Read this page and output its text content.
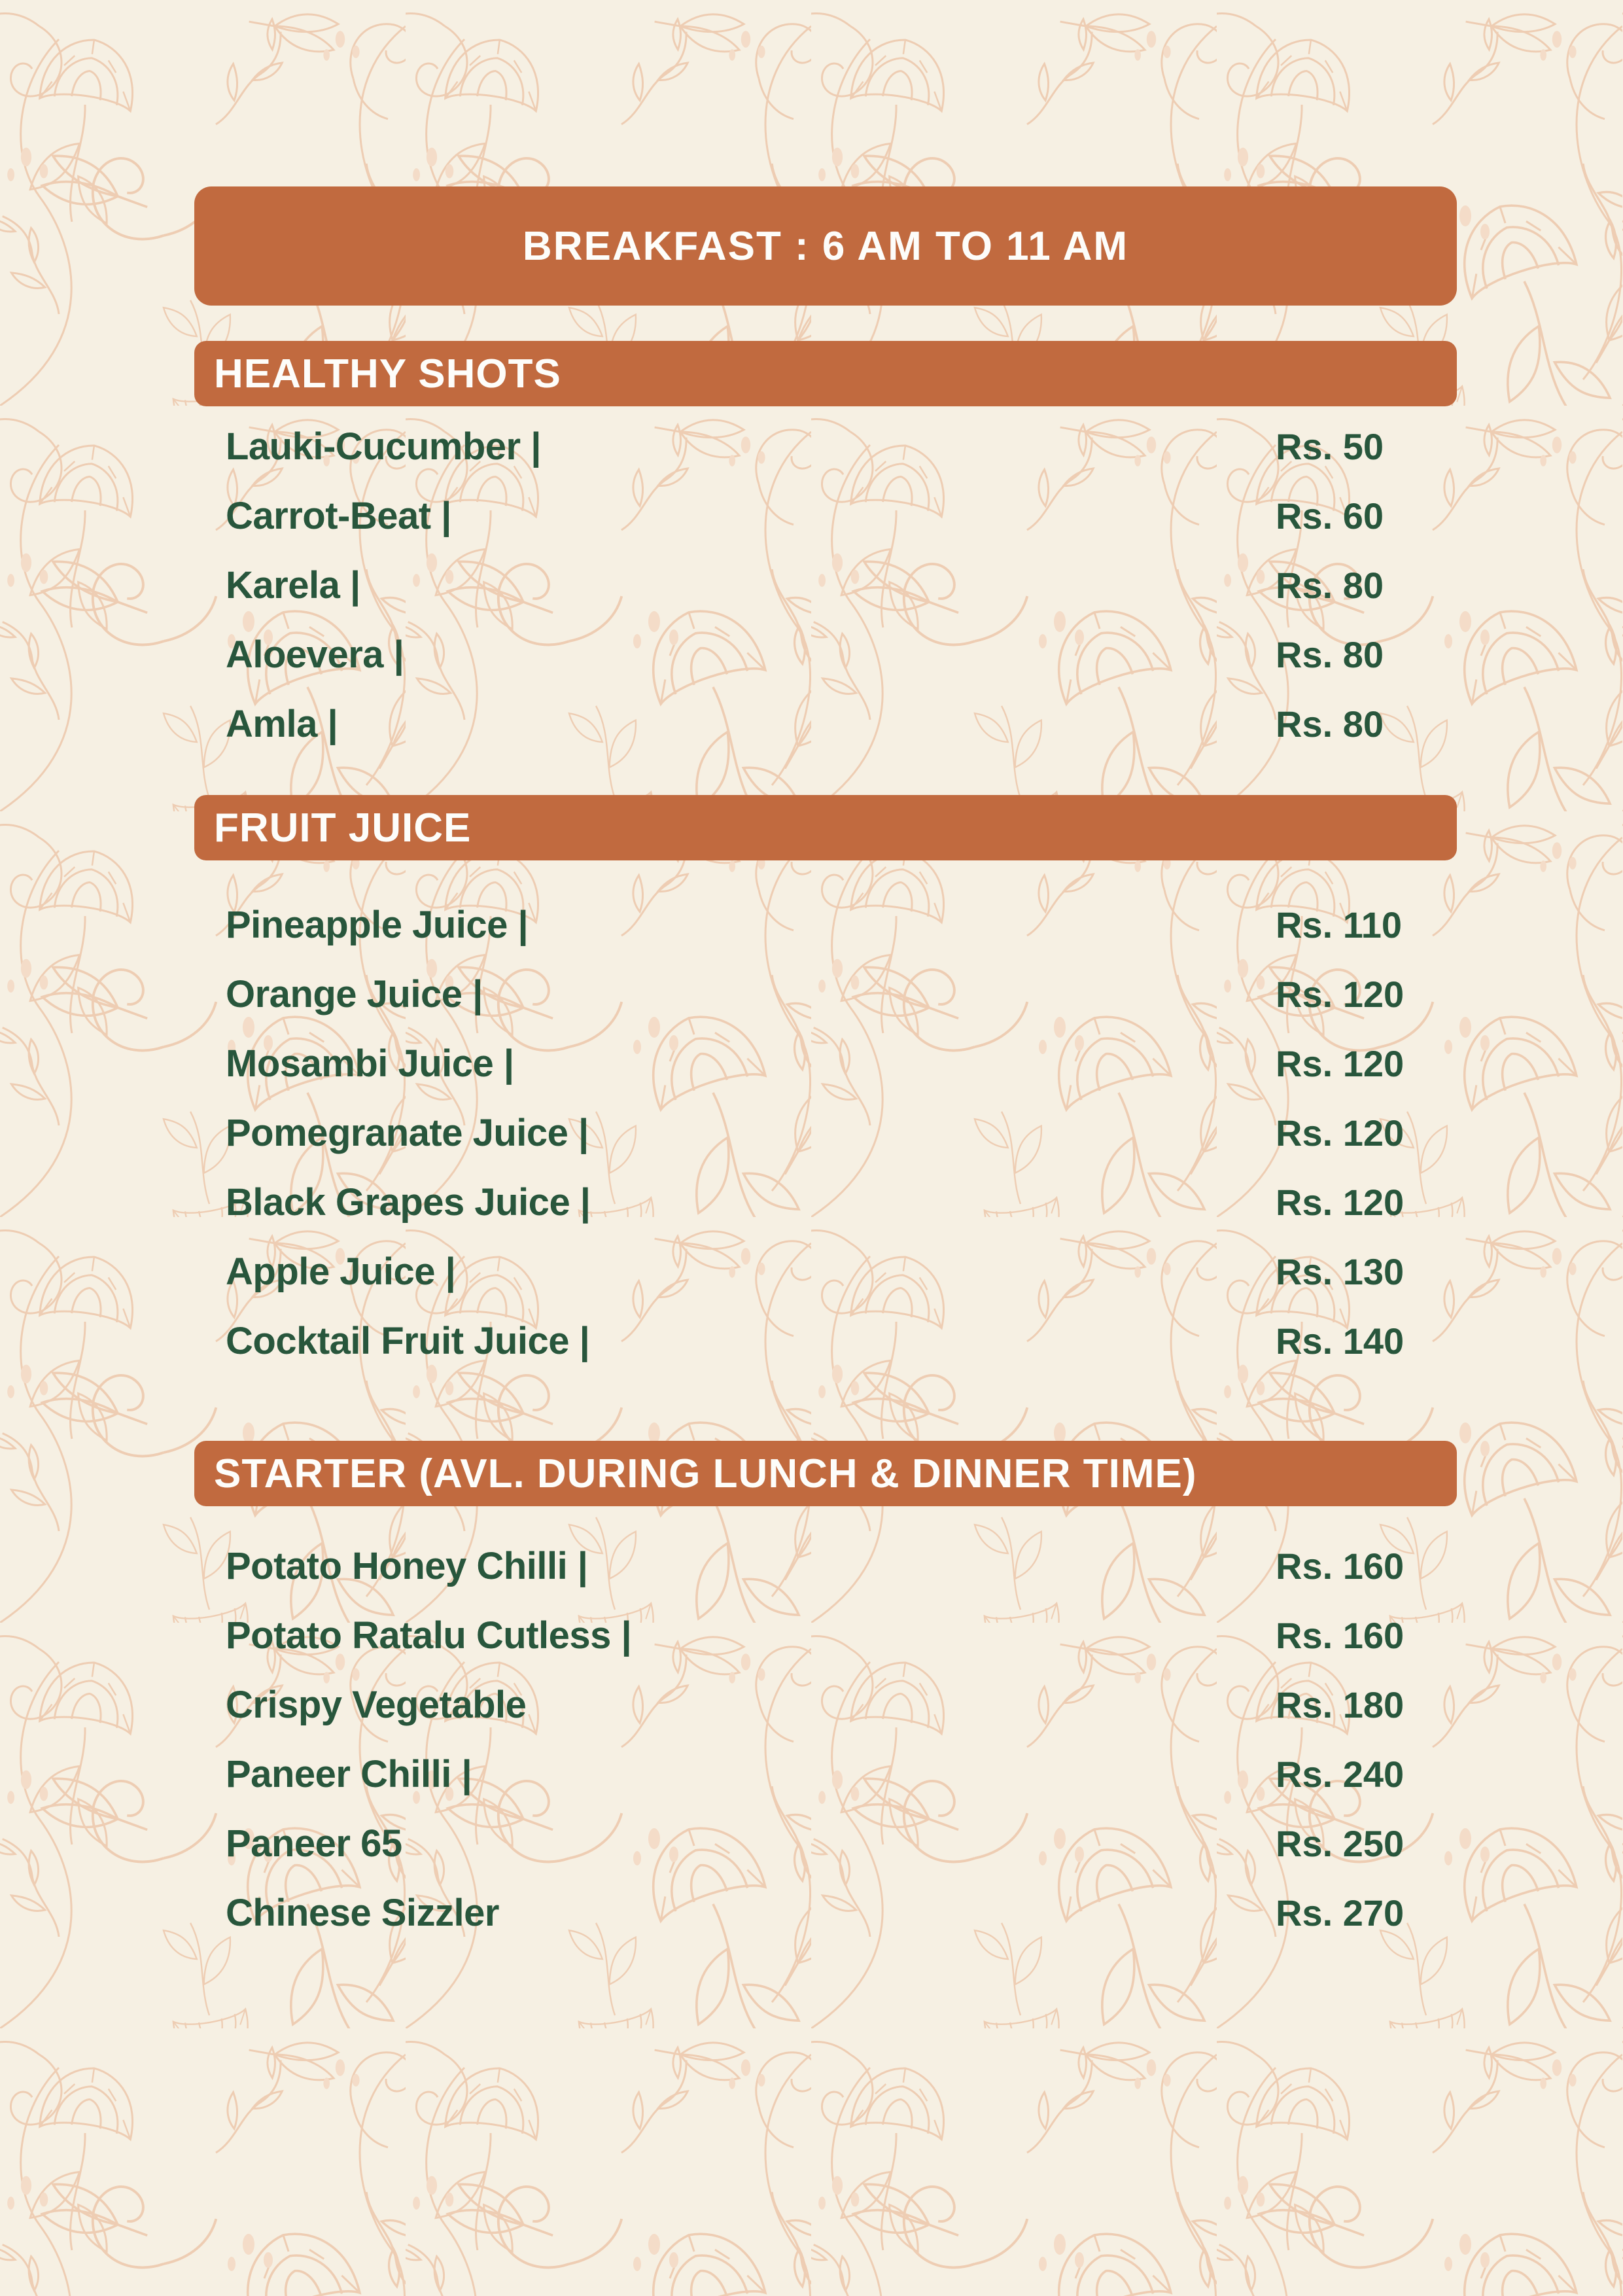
BREAKFAST : 6 AM TO 11 AM
HEALTHY SHOTS
Lauki-Cucumber |	Rs. 50
Carrot-Beat |	Rs. 60
Karela |	Rs. 80
Aloevera |	Rs. 80
Amla |	Rs. 80
FRUIT JUICE
Pineapple Juice |	Rs. 110
Orange Juice |	Rs. 120
Mosambi Juice |	Rs. 120
Pomegranate Juice |	Rs. 120
Black Grapes Juice |	Rs. 120
Apple Juice |	Rs. 130
Cocktail Fruit Juice |	Rs. 140
STARTER (AVL. DURING LUNCH & DINNER TIME)
Potato Honey Chilli |	Rs. 160
Potato Ratalu Cutless |	Rs. 160
Crispy Vegetable	Rs. 180
Paneer Chilli |	Rs. 240
Paneer 65	Rs. 250
Chinese Sizzler	Rs. 270
